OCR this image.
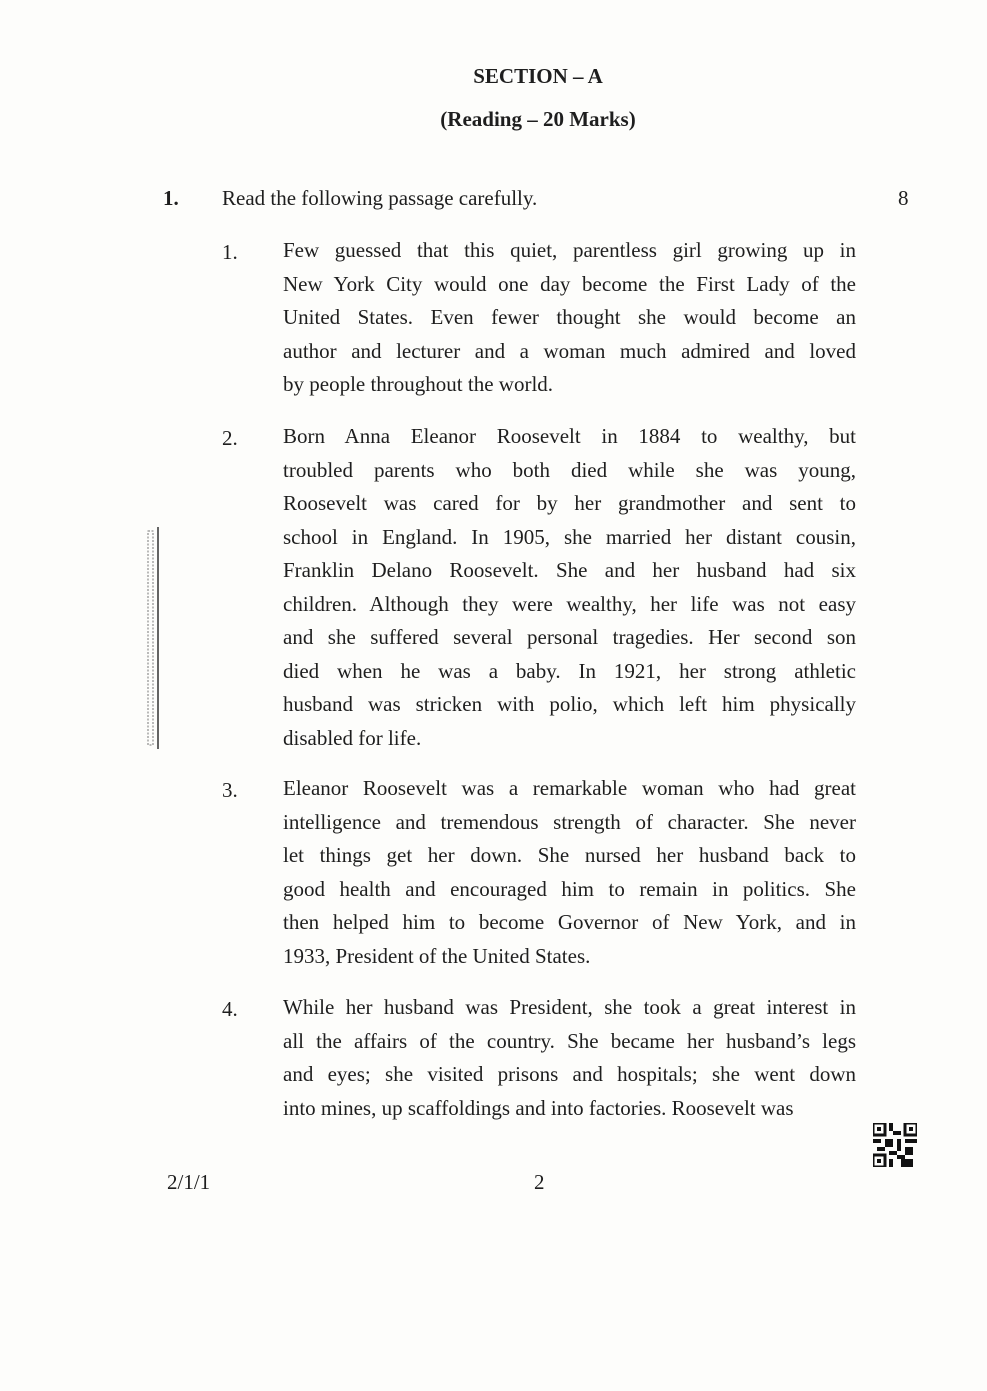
SECTION – A
(Reading – 20 Marks)
1. Read the following passage carefully.	8
1. Few guessed that this quiet, parentless girl growing up in
New York City would one day become the First Lady of the
United States. Even fewer thought she would become an
author and lecturer and a woman much admired and loved
by people throughout the world.
2. Born Anna Eleanor Roosevelt in 1884 to wealthy, but
troubled parents who both died while she was young,
Roosevelt was cared for by her grandmother and sent to
school in England. In 1905, she married her distant cousin,
Franklin Delano Roosevelt. She and her husband had six
children. Although they were wealthy, her life was not easy
and she suffered several personal tragedies. Her second son
died when he was a baby. In 1921, her strong athletic
husband was stricken with polio, which left him physically
disabled for life.
3. Eleanor Roosevelt was a remarkable woman who had great
intelligence and tremendous strength of character. She never
let things get her down. She nursed her husband back to
good health and encouraged him to remain in politics. She
then helped him to become Governor of New York, and in
1933, President of the United States.
4. While her husband was President, she took a great interest in
all the affairs of the country. She became her husband’s legs
and eyes; she visited prisons and hospitals; she went down
into mines, up scaffoldings and into factories. Roosevelt was
2/1/1	2
